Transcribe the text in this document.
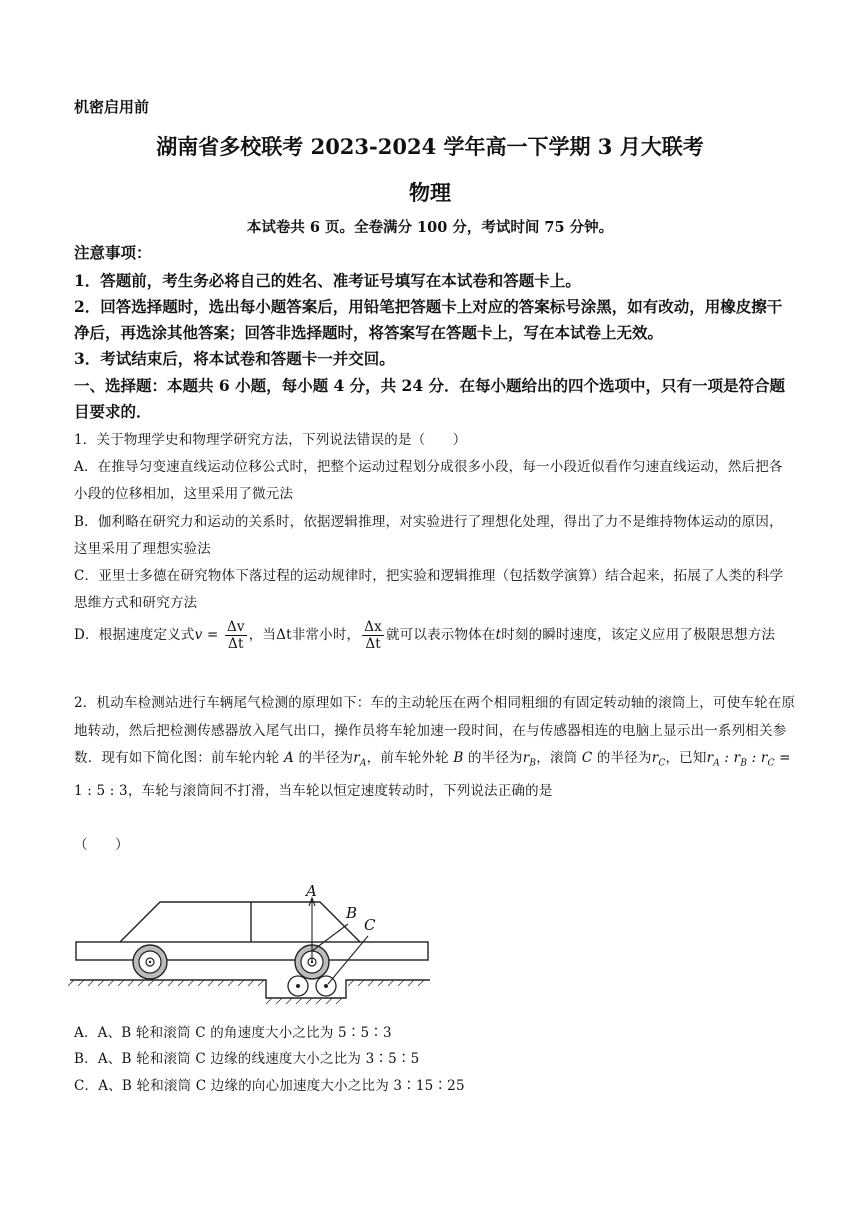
机密启用前
湖南省多校联考 2023-2024 学年高一下学期 3 月大联考
物理
本试卷共 6 页。全卷满分 100 分，考试时间 75 分钟。
注意事项：
1．答题前，考生务必将自己的姓名、准考证号填写在本试卷和答题卡上。
2．回答选择题时，选出每小题答案后，用铅笔把答题卡上对应的答案标号涂黑，如有改动，用橡皮擦干净后，再选涂其他答案；回答非选择题时，将答案写在答题卡上，写在本试卷上无效。
3．考试结束后，将本试卷和答题卡一并交回。
一、选择题：本题共 6 小题，每小题 4 分，共 24 分．在每小题给出的四个选项中，只有一项是符合题目要求的．
1．关于物理学史和物理学研究方法，下列说法错误的是（　　）
A．在推导匀变速直线运动位移公式时，把整个运动过程划分成很多小段，每一小段近似看作匀速直线运动，然后把各小段的位移相加，这里采用了微元法
B．伽利略在研究力和运动的关系时，依据逻辑推理，对实验进行了理想化处理，得出了力不是维持物体运动的原因，这里采用了理想实验法
C．亚里士多德在研究物体下落过程的运动规律时，把实验和逻辑推理（包括数学演算）结合起来，拓展了人类的科学思维方式和研究方法
D．根据速度定义式$v = \frac{\Delta v}{\Delta t}$ ，当Δt非常小时， $\frac{\Delta x}{\Delta t}$ 就可以表示物体在t时刻的瞬时速度，该定义应用了极限思想方法
2．机动车检测站进行车辆尾气检测的原理如下：车的主动轮压在两个相同粗细的有固定转动轴的滚筒上，可使车轮在原地转动，然后把检测传感器放入尾气出口，操作员将车轮加速一段时间，在与传感器相连的电脑上显示出一系列相关参数．现有如下简化图：前车轮内轮 A 的半径为$r_A$，前车轮外轮 B 的半径为$r_B$，滚筒 C 的半径为$r_C$，已知$r_A$ : $r_B$ : $r_C = 1$ : 5 : 3，车轮与滚筒间不打滑，当车轮以恒定速度转动时，下列说法正确的是
（　　）
A
B
C
A．A、B 轮和滚筒 C 的角速度大小之比为 5∶5∶3
B．A、B 轮和滚筒 C 边缘的线速度大小之比为 3∶5∶5
C．A、B 轮和滚筒 C 边缘的向心加速度大小之比为 3∶15∶25
